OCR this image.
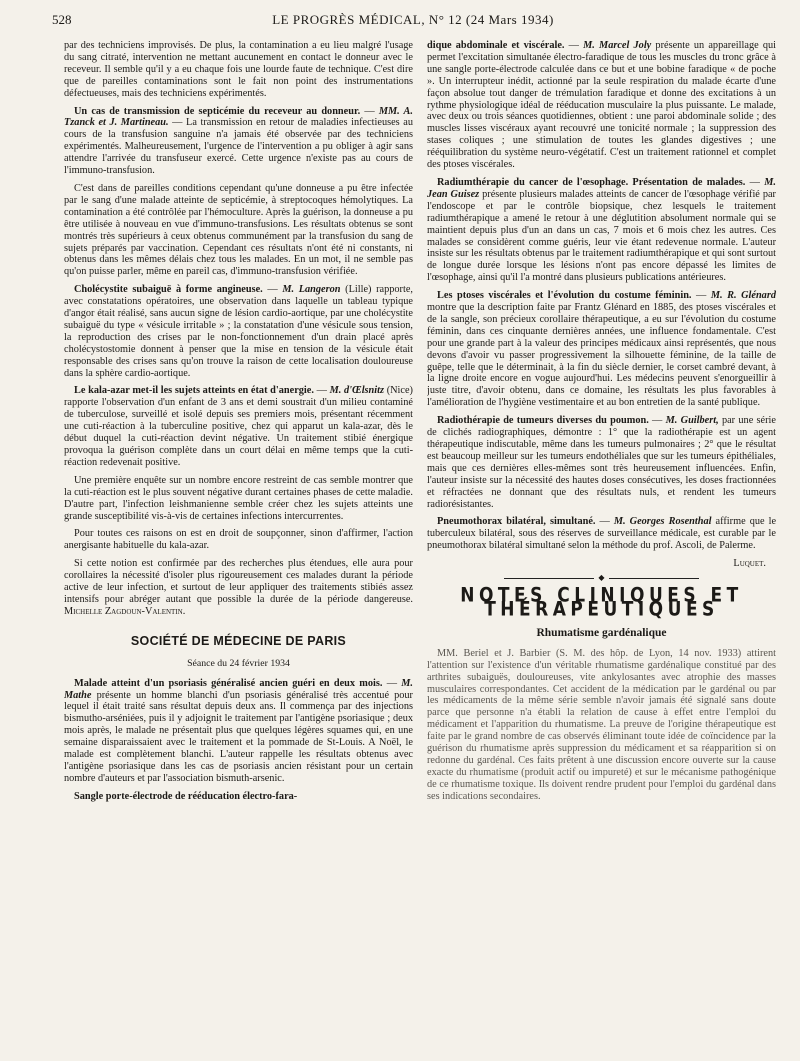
528	LE PROGRÈS MÉDICAL, N° 12 (24 Mars 1934)

par des techniciens improvisés. De plus, la contamination a eu lieu malgré l'usage du sang citraté, intervention ne mettant aucunement en contact le donneur avec le receveur. Il semble qu'il y a eu chaque fois une lourde faute de technique. C'est dire que de pareilles contaminations sont le fait non point des instrumentations défectueuses, mais des techniciens expérimentés.

Un cas de transmission de septicémie du receveur au donneur. — MM. A. Tzanck et J. Martineau. — La transmission en retour de maladies infectieuses au cours de la transfusion sanguine n'a jamais été observée par des techniciens expérimentés. Malheureusement, l'urgence de l'intervention a pu obliger à agir sans attendre l'arrivée du transfuseur exercé. Cette urgence n'existe pas au cours de l'immuno-transfusion.

C'est dans de pareilles conditions cependant qu'une donneuse a pu être infectée par le sang d'une malade atteinte de septicémie, à streptocoques hémolytiques. La contamination a été contrôlée par l'hémoculture. Après la guérison, la donneuse a pu être utilisée à nouveau en vue d'immuno-transfusions. Les résultats obtenus se sont montrés très supérieurs à ceux obtenus communément par la transfusion du sang de sujets préparés par vaccination. Cependant ces résultats n'ont été ni constants, ni obtenus dans les mêmes délais chez tous les malades. En un mot, il ne semble pas qu'on puisse parler, même en pareil cas, d'immuno-transfusion vérifiée.

Cholécystite subaiguë à forme angineuse. — M. Langeron (Lille) rapporte, avec constatations opératoires, une observation dans laquelle un tableau typique d'angor était réalisé, sans aucun signe de lésion cardio-aortique, par une cholécystite subaiguë du type « vésicule irritable » ; la constatation d'une vésicule sous tension, la reproduction des crises par le non-fonctionnement d'un drain placé après cholécystostomie donnent à penser que la mise en tension de la vésicule était responsable des crises sans qu'on trouve la raison de cette localisation douloureuse dans la sphère cardio-aortique.

Le kala-azar met-il les sujets atteints en état d'anergie. — M. d'Œlsnitz (Nice) rapporte l'observation d'un enfant de 3 ans et demi soustrait d'un milieu contaminé de tuberculose, surveillé et isolé depuis ses premiers mois, présentant récemment une cuti-réaction à la tuberculine positive, chez qui apparut un kala-azar, dès le début duquel la cuti-réaction devint négative. Un traitement stibié énergique provoqua la guérison complète dans un court délai en même temps que la cuti-réaction redevenait positive.

Une première enquête sur un nombre encore restreint de cas semble montrer que la cuti-réaction est le plus souvent négative durant certaines phases de cette maladie. D'autre part, l'infection leishmanienne semble créer chez les sujets atteints une grande susceptibilité vis-à-vis de certaines infections intercurrentes.

Pour toutes ces raisons on est en droit de soupçonner, sinon d'affirmer, l'action anergisante habituelle du kala-azar.

Si cette notion est confirmée par des recherches plus étendues, elle aura pour corollaires la nécessité d'isoler plus rigoureusement ces malades durant la période active de leur infection, et surtout de leur appliquer des traitements stibiés assez intensifs pour abréger autant que possible la durée de la période dangereuse. Michelle Zagdoun-Valentin.

SOCIÉTÉ DE MÉDECINE DE PARIS
Séance du 24 février 1934

Malade atteint d'un psoriasis généralisé ancien guéri en deux mois. — M. Mathe présente un homme blanchi d'un psoriasis généralisé très accentué pour lequel il était traité sans résultat depuis deux ans. Il commença par des injections bismutho-arséniées, puis il y adjoignit le traitement par l'antigène psoriasique ; deux mois après, le malade ne présentait plus que quelques légères squames qui, en une semaine disparaissaient avec le traitement et la pommade de St-Louis. A Noël, le malade est complètement blanchi. L'auteur rappelle les résultats obtenus avec l'antigène psoriasique dans les cas de psoriasis ancien résistant pour un certain nombre d'auteurs et par l'association bismuth-arsenic.

Sangle porte-électrode de rééducation électro-fara-

dique abdominale et viscérale. — M. Marcel Joly présente un appareillage qui permet l'excitation simultanée électro-faradique de tous les muscles du tronc grâce à une sangle porte-électrode calculée dans ce but et une bobine faradique « de poche ». Un interrupteur inédit, actionné par la seule respiration du malade écarte d'une façon absolue tout danger de trémulation faradique et donne des excitations à un rythme physiologique idéal de rééducation musculaire la plus puissante. Le malade, avec deux ou trois séances quotidiennes, obtient : une paroi abdominale solide ; des muscles lisses viscéraux ayant recouvré une tonicité normale ; la suppression des stases coliques ; une stimulation de toutes les glandes digestives ; une rééquilibration du système neuro-végétatif. C'est un traitement rationnel et complet des ptoses viscérales.

Radiumthérapie du cancer de l'œsophage. Présentation de malades. — M. Jean Guisez présente plusieurs malades atteints de cancer de l'œsophage vérifié par l'endoscope et par le contrôle biopsique, chez lesquels le traitement radiumthérapique a amené le retour à une déglutition absolument normale qui se maintient depuis plus d'un an dans un cas, 7 mois et 6 mois chez les autres. Ces malades se considèrent comme guéris, leur vie étant redevenue normale. L'auteur insiste sur les résultats obtenus par le traitement radiumthérapique et qui sont surtout de longue durée lorsque les lésions n'ont pas encore dépassé les limites de l'œsophage, ainsi qu'il l'a montré dans plusieurs publications antérieures.

Les ptoses viscérales et l'évolution du costume féminin. — M. R. Glénard montre que la description faite par Frantz Glénard en 1885, des ptoses viscérales et de la sangle, son précieux corollaire thérapeutique, a eu sur l'évolution du costume féminin, dans ces cinquante dernières années, une influence fondamentale. C'est pour une grande part à la valeur des principes médicaux ainsi représentés, que nous devons d'avoir vu passer progressivement la silhouette féminine, de la taille de guêpe, telle que le déterminait, à la fin du siècle dernier, le corset cambré devant, à la ligne droite encore en vogue aujourd'hui. Les médecins peuvent s'enorgueillir à juste titre, d'avoir obtenu, dans ce domaine, les résultats les plus favorables à l'amélioration de l'hygiène vestimentaire et au bon entretien de la santé publique.

Radiothérapie de tumeurs diverses du poumon. — M. Guilbert, par une série de clichés radiographiques, démontre : 1° que la radiothérapie est un agent thérapeutique indiscutable, même dans les tumeurs pulmonaires ; 2° que le résultat est beaucoup meilleur sur les tumeurs endothéliales que sur les tumeurs épithéliales, mais que ces dernières elles-mêmes sont très heureusement influencées. Enfin, l'auteur insiste sur la nécessité des hautes doses consécutives, les doses fractionnées et réfractées ne donnant que des résultats nuls, et rendent les tumeurs radiorésistantes.

Pneumothorax bilatéral, simultané. — M. Georges Rosenthal affirme que le tuberculeux bilatéral, sous des réserves de surveillance médicale, est curable par le pneumothorax bilatéral simultané selon la méthode du prof. Ascoli, de Palerme.

Luquet.
◆
NOTES CLINIQUES ET THÉRAPEUTIQUES
Rhumatisme gardénalique

MM. Beriel et J. Barbier (S. M. des hôp. de Lyon, 14 nov. 1933) attirent l'attention sur l'existence d'un véritable rhumatisme gardénalique constitué par des arthrites subaiguës, douloureuses, vite ankylosantes avec atrophie des masses musculaires correspondantes. Cet accident de la médication par le gardénal ou par les médicaments de la même série semble n'avoir jamais été signalé sans doute parce que personne n'a établi la relation de cause à effet entre l'emploi du médicament et l'apparition du rhumatisme. La preuve de l'origine thérapeutique est faite par le grand nombre de cas observés éliminant toute idée de coïncidence par la guérison du rhumatisme après suppression du médicament et sa réapparition si on redonne du gardénal. Ces faits prêtent à une discussion encore ouverte sur la cause exacte du rhumatisme (produit actif ou impureté) et sur le mécanisme pathogénique de ce rhumatisme toxique. Ils doivent rendre prudent pour l'emploi du gardénal dans ses indications secondaires.
